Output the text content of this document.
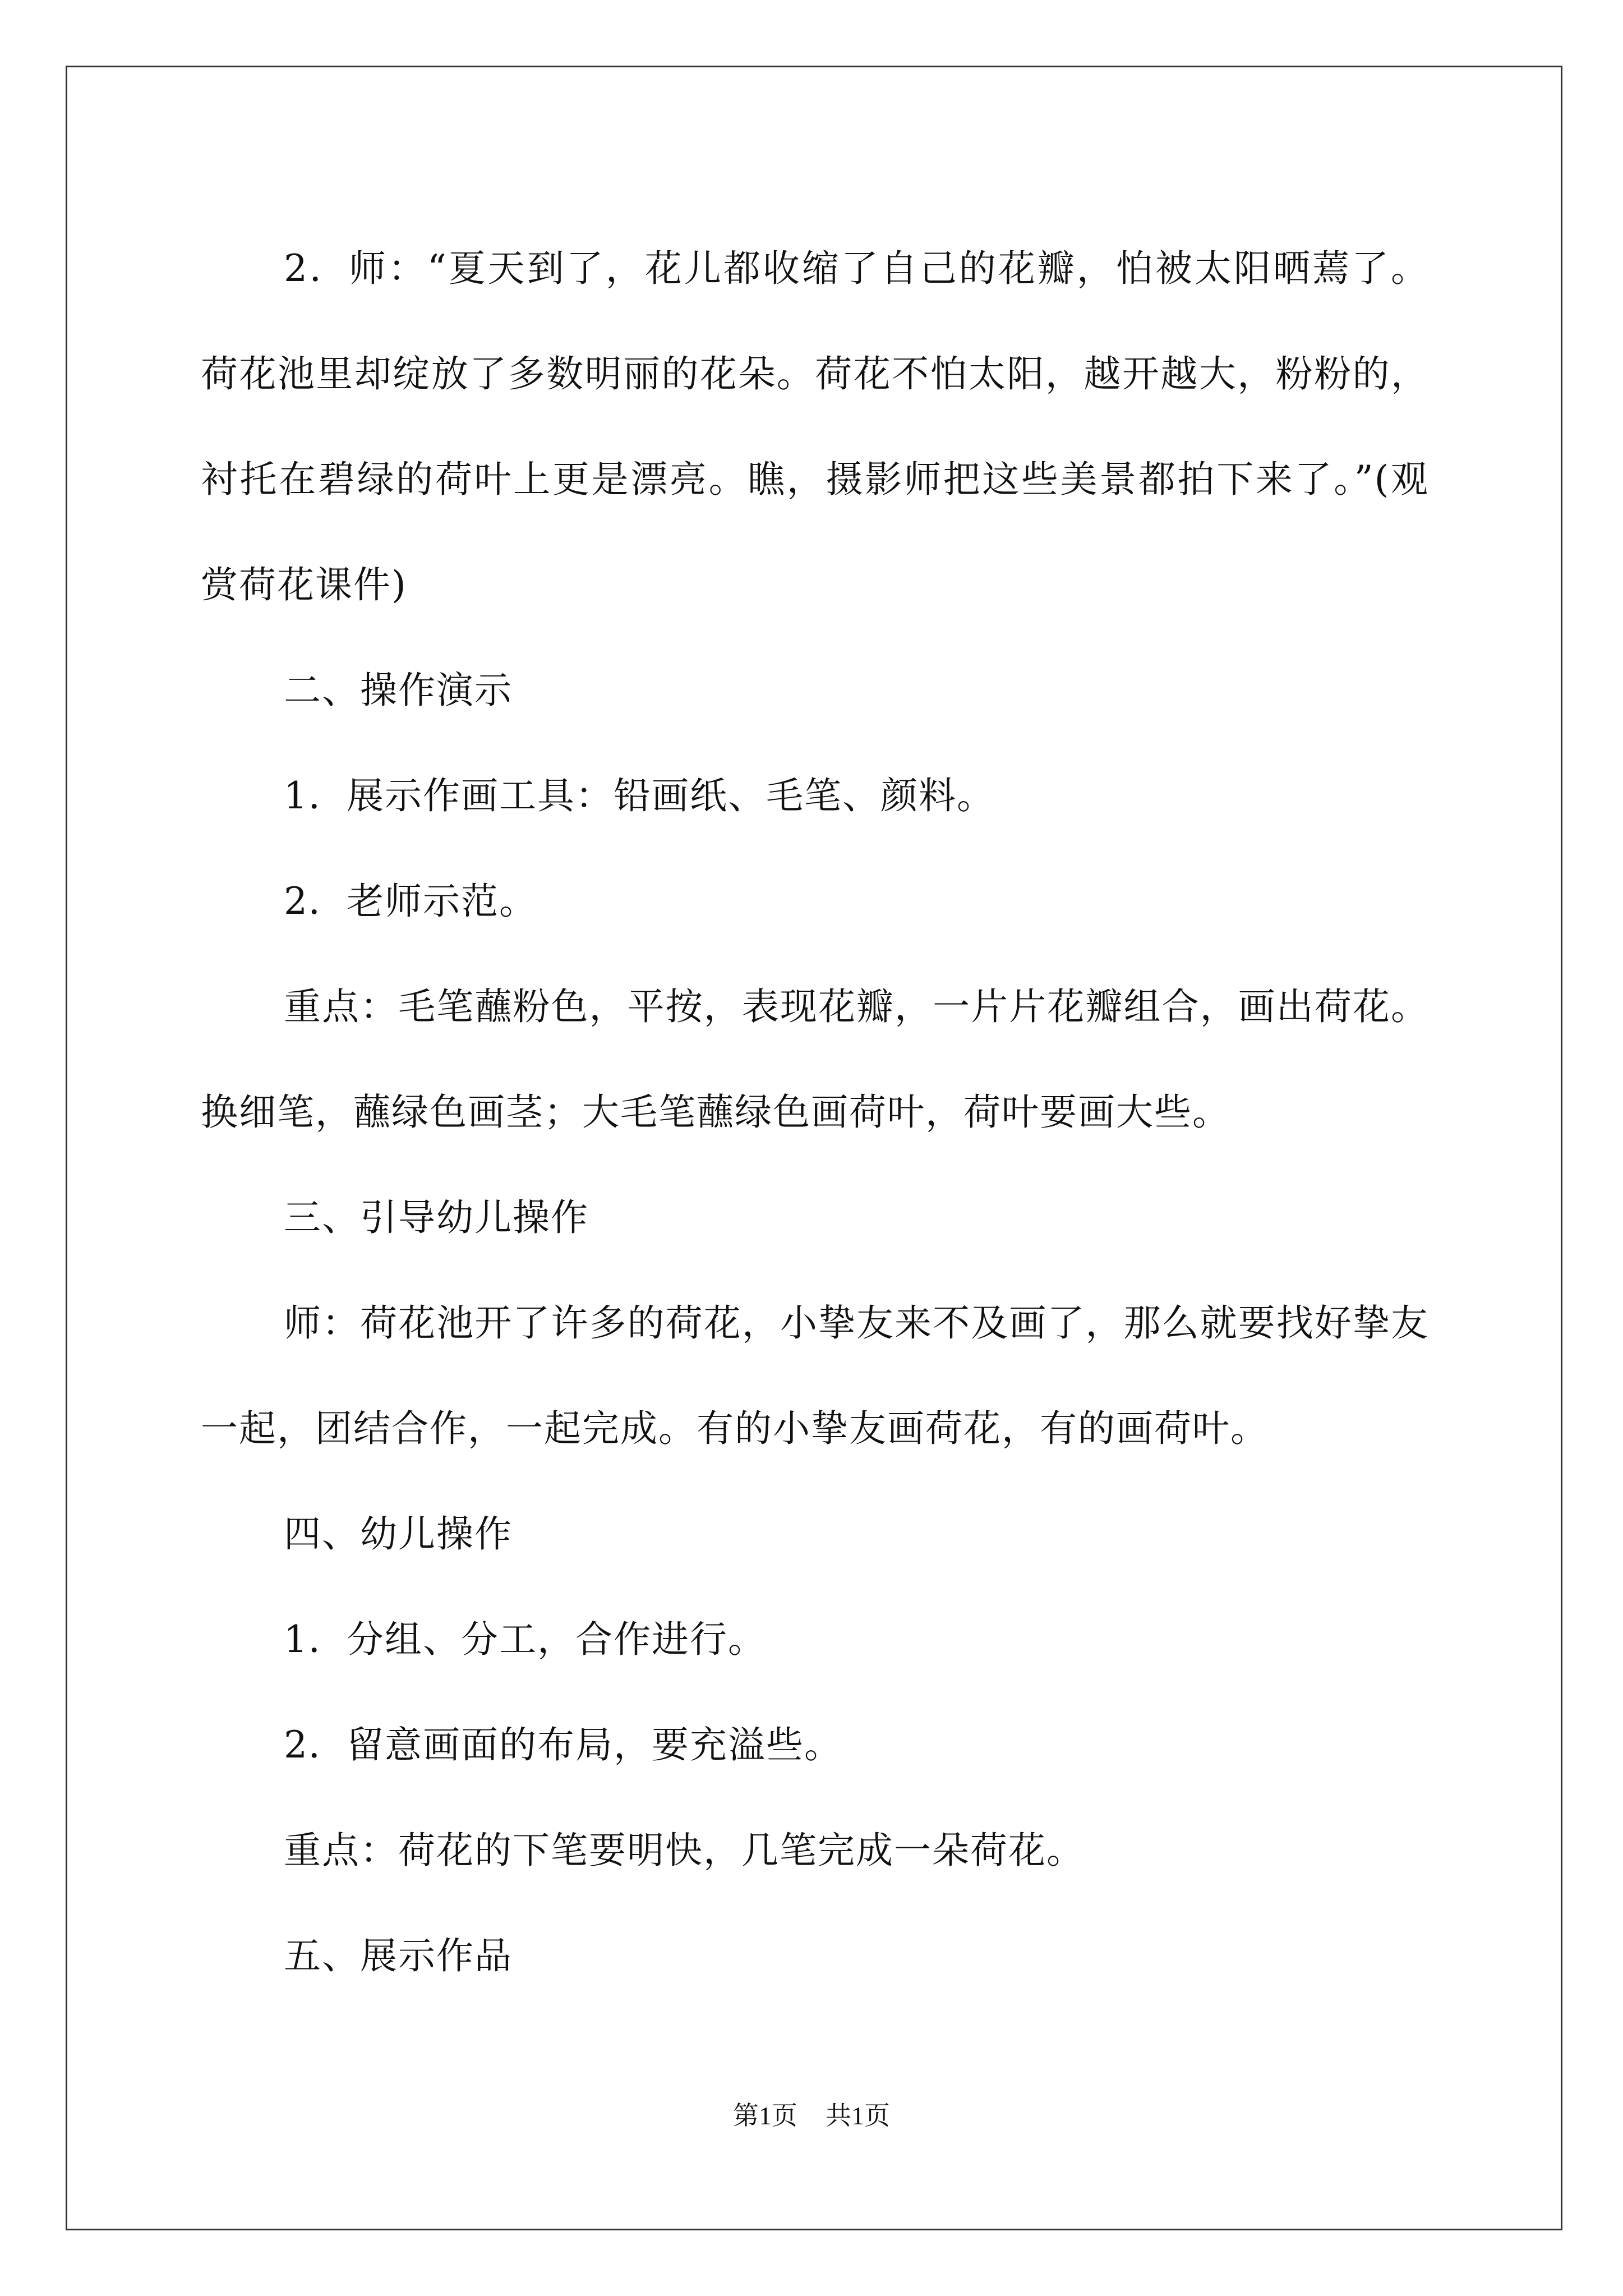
2．师：“夏天到了，花儿都收缩了自己的花瓣，怕被太阳晒蔫了。荷花池里却绽放了多数明丽的花朵。荷花不怕太阳，越开越大，粉粉的，衬托在碧绿的荷叶上更是漂亮。瞧，摄影师把这些美景都拍下来了。”(观赏荷花课件)

二、操作演示

1．展示作画工具：铅画纸、毛笔、颜料。

2．老师示范。

重点：毛笔蘸粉色，平按，表现花瓣，一片片花瓣组合，画出荷花。换细笔，蘸绿色画茎；大毛笔蘸绿色画荷叶，荷叶要画大些。

三、引导幼儿操作

师：荷花池开了许多的荷花，小挚友来不及画了，那么就要找好挚友一起，团结合作，一起完成。有的小挚友画荷花，有的画荷叶。

四、幼儿操作

1．分组、分工，合作进行。

2．留意画面的布局，要充溢些。

重点：荷花的下笔要明快，几笔完成一朵荷花。

五、展示作品

第1页 共1页
